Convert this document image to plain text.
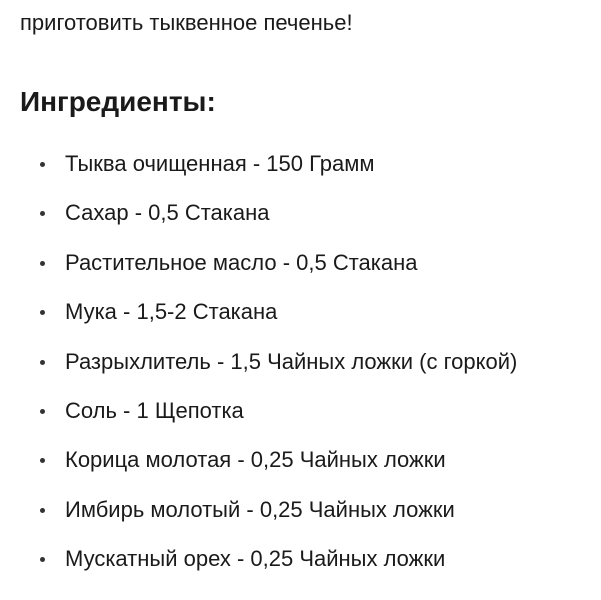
приготовить тыквенное печенье!
Ингредиенты:
Тыква очищенная - 150 Грамм
Сахар - 0,5 Стакана
Растительное масло - 0,5 Стакана
Мука - 1,5-2 Стакана
Разрыхлитель - 1,5 Чайных ложки (с горкой)
Соль - 1 Щепотка
Корица молотая - 0,25 Чайных ложки
Имбирь молотый - 0,25 Чайных ложки
Мускатный орех - 0,25 Чайных ложки
